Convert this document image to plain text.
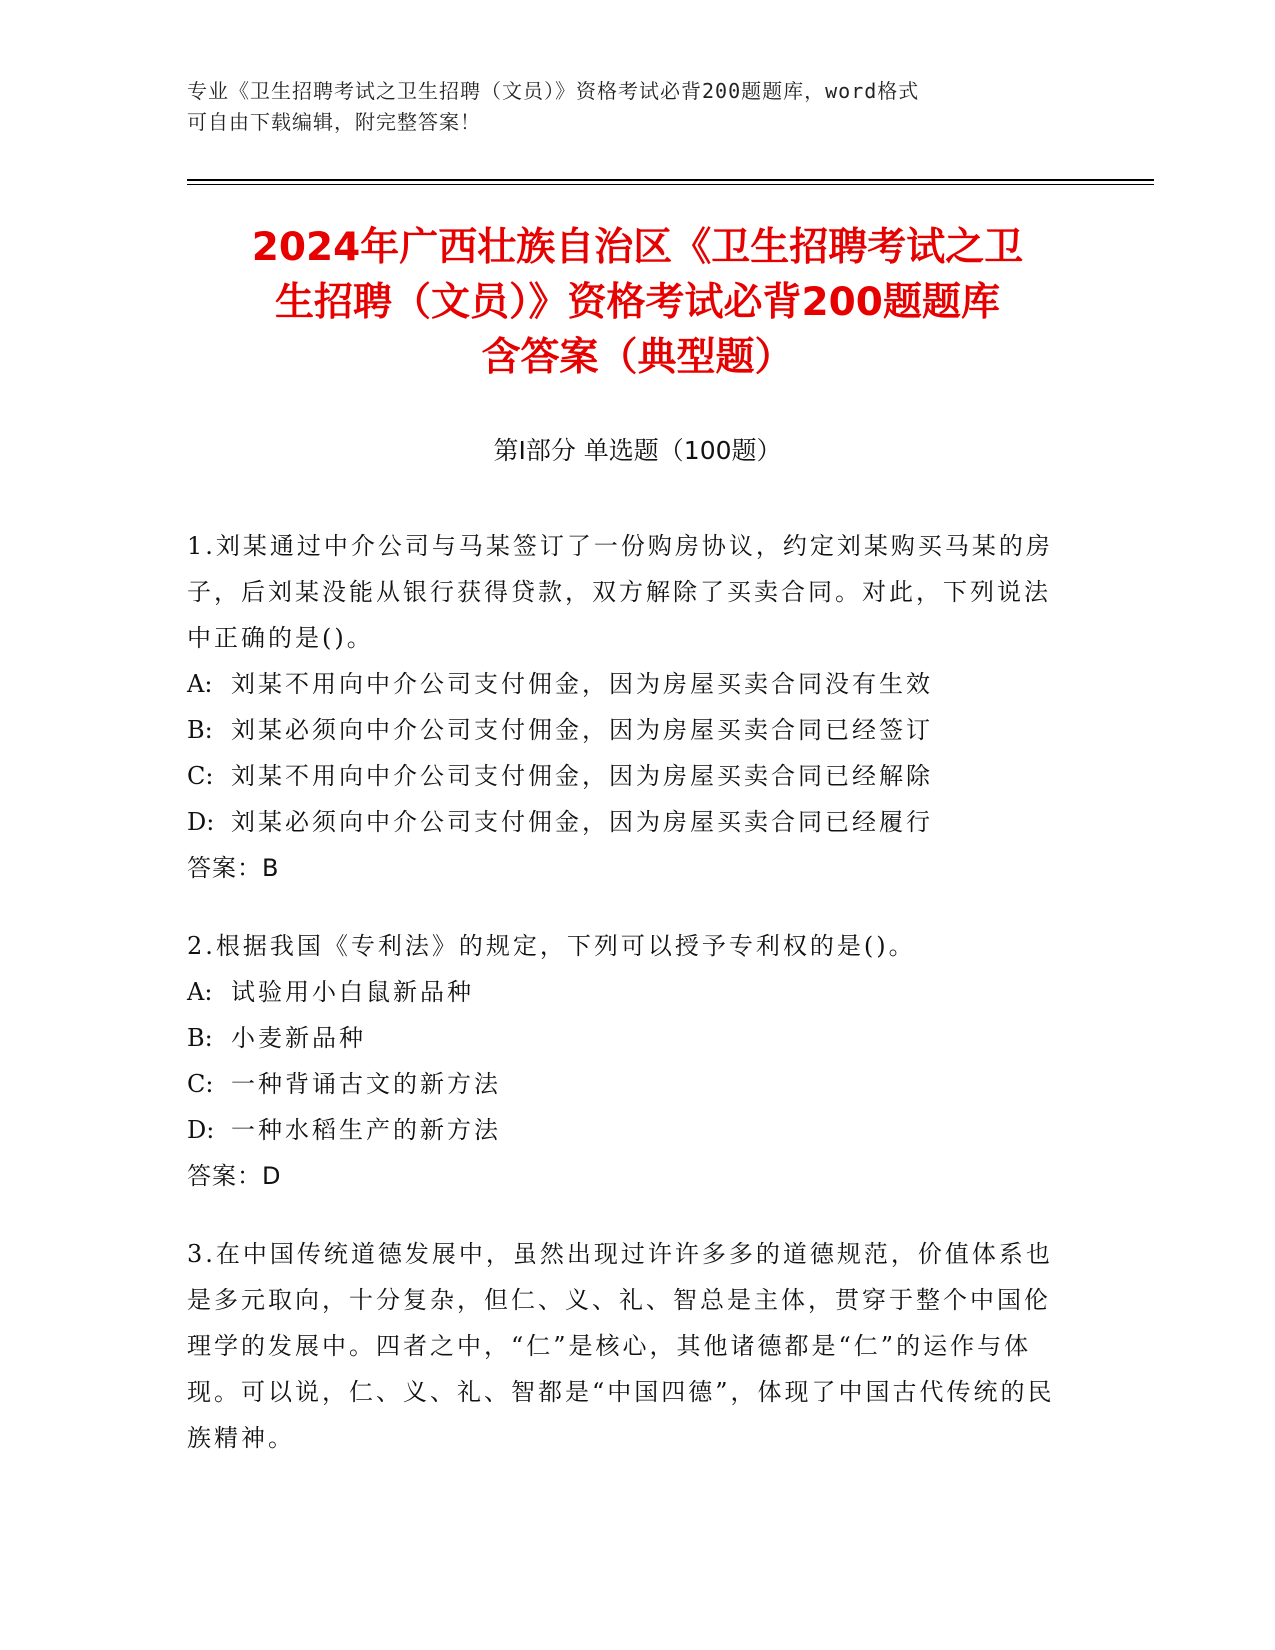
专业《卫生招聘考试之卫生招聘（文员）》资格考试必背200题题库，word格式
可自由下载编辑，附完整答案！
2024年广西壮族自治区《卫生招聘考试之卫
生招聘（文员）》资格考试必背200题题库
含答案（典型题）
第Ⅰ部分 单选题（100题）
1.刘某通过中介公司与马某签订了一份购房协议，约定刘某购买马某的房子，后刘某没能从银行获得贷款，双方解除了买卖合同。对此，下列说法中正确的是()。
A: 刘某不用向中介公司支付佣金，因为房屋买卖合同没有生效
B: 刘某必须向中介公司支付佣金，因为房屋买卖合同已经签订
C: 刘某不用向中介公司支付佣金，因为房屋买卖合同已经解除
D: 刘某必须向中介公司支付佣金，因为房屋买卖合同已经履行
答案：B
2.根据我国《专利法》的规定，下列可以授予专利权的是()。
A: 试验用小白鼠新品种
B: 小麦新品种
C: 一种背诵古文的新方法
D: 一种水稻生产的新方法
答案：D
3.在中国传统道德发展中，虽然出现过许许多多的道德规范，价值体系也是多元取向，十分复杂，但仁、义、礼、智总是主体，贯穿于整个中国伦理学的发展中。四者之中，“仁”是核心，其他诸德都是“仁”的运作与体现。可以说，仁、义、礼、智都是“中国四德”，体现了中国古代传统的民族精神。
